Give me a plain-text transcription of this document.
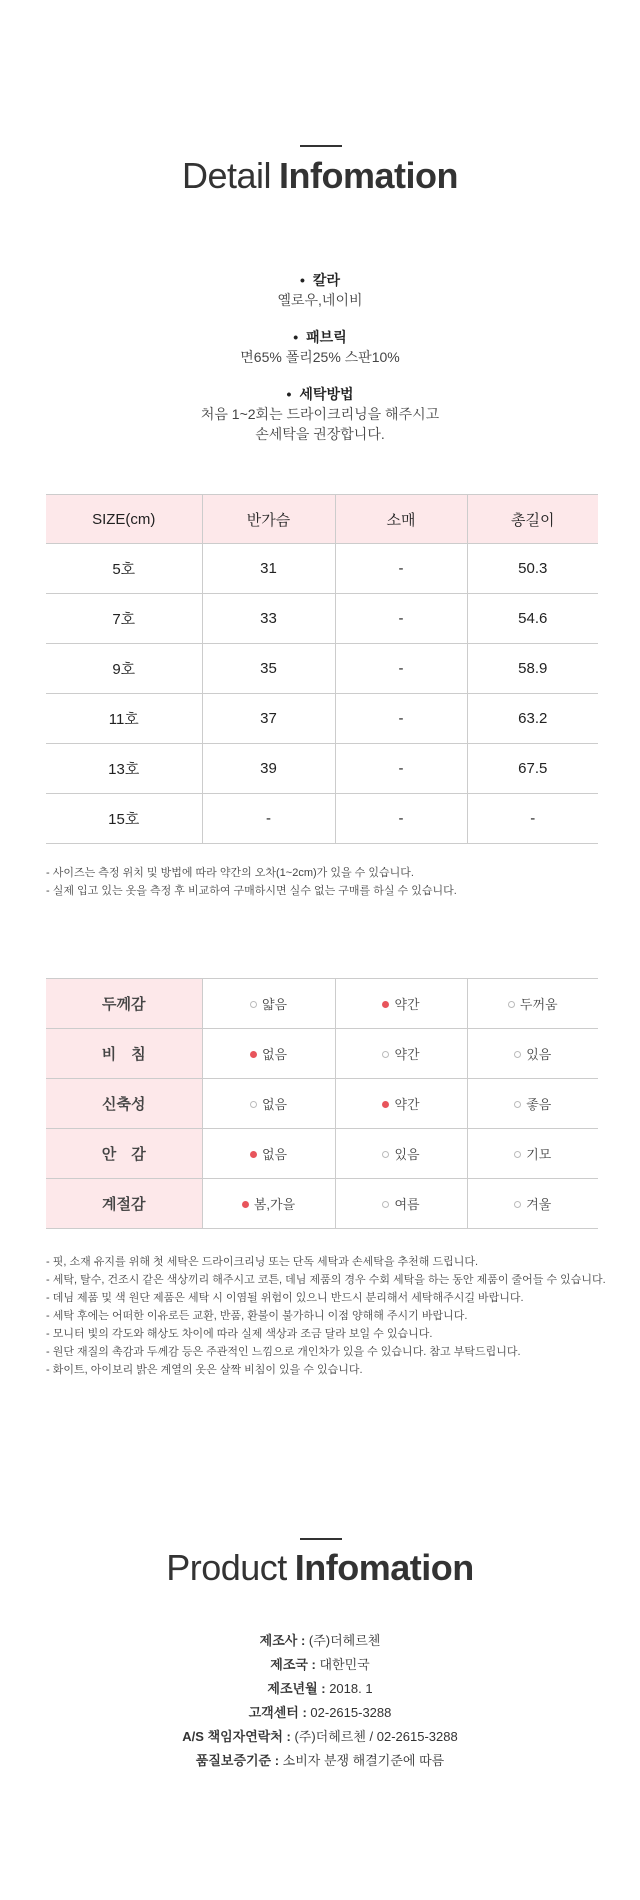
Detail Infomation
• 칼라
옐로우,네이비
• 패브릭
면65% 폴리25% 스판10%
• 세탁방법
처음 1~2회는 드라이크리닝을 해주시고
손세탁을 권장합니다.
SIZE(cm)	반가슴	소매	총길이
5호	31	-	50.3
7호	33	-	54.6
9호	35	-	58.9
11호	37	-	63.2
13호	39	-	67.5
15호	-	-	-
- 사이즈는 측정 위치 및 방법에 따라 약간의 오차(1~2cm)가 있을 수 있습니다.
- 실제 입고 있는 옷을 측정 후 비교하여 구매하시면 실수 없는 구매를 하실 수 있습니다.
두께감	얇음	약간	두꺼움
비　침	없음	약간	있음
신축성	없음	약간	좋음
안　감	없음	있음	기모
계절감	봄,가을	여름	겨울
- 핏, 소재 유지를 위해 첫 세탁은 드라이크리닝 또는 단독 세탁과 손세탁을 추천해 드립니다.
- 세탁, 탈수, 건조시 같은 색상끼리 해주시고 코튼, 데님 제품의 경우 수회 세탁을 하는 동안 제품이 줄어들 수 있습니다.
- 데님 제품 및 색 원단 제품은 세탁 시 이염될 위험이 있으니 반드시 분리해서 세탁해주시길 바랍니다.
- 세탁 후에는 어떠한 이유로든 교환, 반품, 환불이 불가하니 이점 양해해 주시기 바랍니다.
- 모니터 빛의 각도와 해상도 차이에 따라 실제 색상과 조금 달라 보일 수 있습니다.
- 원단 재질의 촉감과 두께감 등은 주관적인 느낌으로 개인차가 있을 수 있습니다. 참고 부탁드립니다.
- 화이트, 아이보리 밝은 계열의 옷은 살짝 비침이 있을 수 있습니다.
Product Infomation
제조사 : (주)더헤르첸
제조국 : 대한민국
제조년월 : 2018. 1
고객센터 : 02-2615-3288
A/S 책임자연락처 : (주)더헤르첸 / 02-2615-3288
품질보증기준 : 소비자 분쟁 해결기준에 따름
